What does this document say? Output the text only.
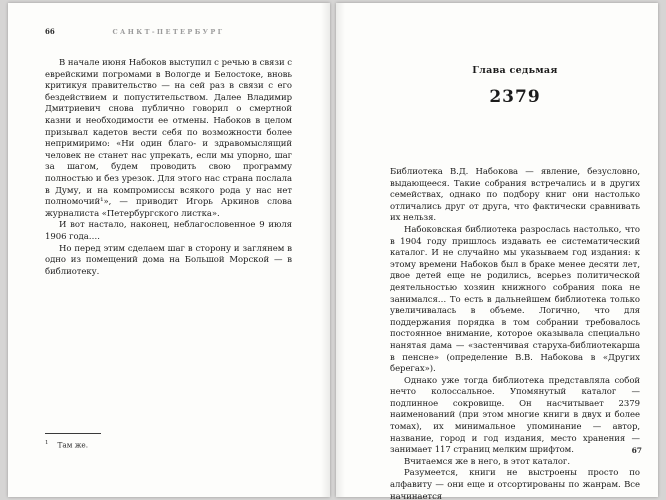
66	САНКТ-ПЕТЕРБУРГ

В начале июня Набоков выступил с речью в связи с еврейскими погромами в Вологде и Белостоке, вновь критикуя правительство — на сей раз в связи с его бездействием и попустительством. Далее Владимир Дмитриевич снова публично говорил о смертной казни и необходимости ее отмены. Набоков в целом призывал кадетов вести себя по возможности более непримиримо: «Ни один благо- и здравомыслящий человек не станет нас упрекать, если мы упорно, шаг за шагом, будем проводить свою программу полностью и без урезок. Для этого нас страна послала в Думу, и на компромиссы всякого рода у нас нет полномочий¹», — приводит Игорь Аркинов слова журналиста «Петербургского листка».

И вот настало, наконец, неблагословенное 9 июля 1906 года….

Но перед этим сделаем шаг в сторону и заглянем в одно из помещений дома на Большой Морской — в библиотеку.

$^1$ Там же.

Глава седьмая
2379

Библиотека В.Д. Набокова — явление, безусловно, выдающееся. Такие собрания встречались и в других семействах, однако по подбору книг они настолько отличались друг от друга, что фактически сравнивать их нельзя.

Набоковская библиотека разрослась настолько, что в 1904 году пришлось издавать ее систематический каталог. И не случайно мы указываем год издания: к этому времени Набоков был в браке менее десяти лет, двое детей еще не родились, всерьез политической деятельностью хозяин книжного собрания пока не занимался… То есть в дальнейшем библиотека только увеличивалась в объеме. Логично, что для поддержания порядка в том собрании требовалось постоянное внимание, которое оказывала специально нанятая дама — «застенчивая старуха-библиотекарша в пенсне» (определение В.В. Набокова в «Других берегах»).

Однако уже тогда библиотека представляла собой нечто колоссальное. Упомянутый каталог — подлинное сокровище. Он насчитывает 2379 наименований (при этом многие книги в двух и более томах), их минимальное упоминание — автор, название, город и год издания, место хранения — занимает 117 страниц мелким шрифтом.

Вчитаемся же в него, в этот каталог.

Разумеется, книги не выстроены просто по алфавиту — они еще и отсортированы по жанрам. Все начинается

67
